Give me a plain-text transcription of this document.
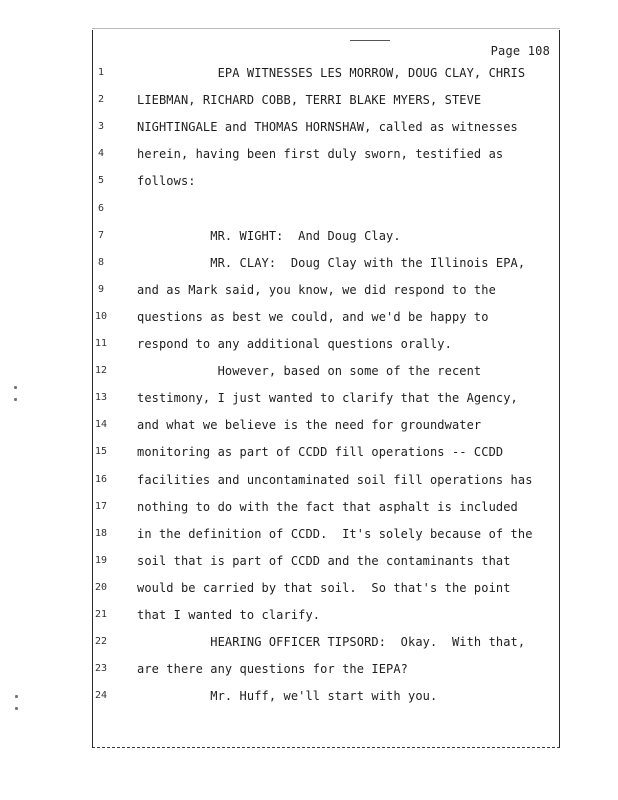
Page 108
1	EPA WITNESSES LES MORROW, DOUG CLAY, CHRIS
2	LIEBMAN, RICHARD COBB, TERRI BLAKE MYERS, STEVE
3	NIGHTINGALE and THOMAS HORNSHAW, called as witnesses
4	herein, having been first duly sworn, testified as
5	follows:
6
7	MR. WIGHT:  And Doug Clay.
8	MR. CLAY:  Doug Clay with the Illinois EPA,
9	and as Mark said, you know, we did respond to the
10	questions as best we could, and we'd be happy to
11	respond to any additional questions orally.
12	However, based on some of the recent
13	testimony, I just wanted to clarify that the Agency,
14	and what we believe is the need for groundwater
15	monitoring as part of CCDD fill operations -- CCDD
16	facilities and uncontaminated soil fill operations has
17	nothing to do with the fact that asphalt is included
18	in the definition of CCDD.  It's solely because of the
19	soil that is part of CCDD and the contaminants that
20	would be carried by that soil.  So that's the point
21	that I wanted to clarify.
22	HEARING OFFICER TIPSORD:  Okay.  With that,
23	are there any questions for the IEPA?
24	Mr. Huff, we'll start with you.
